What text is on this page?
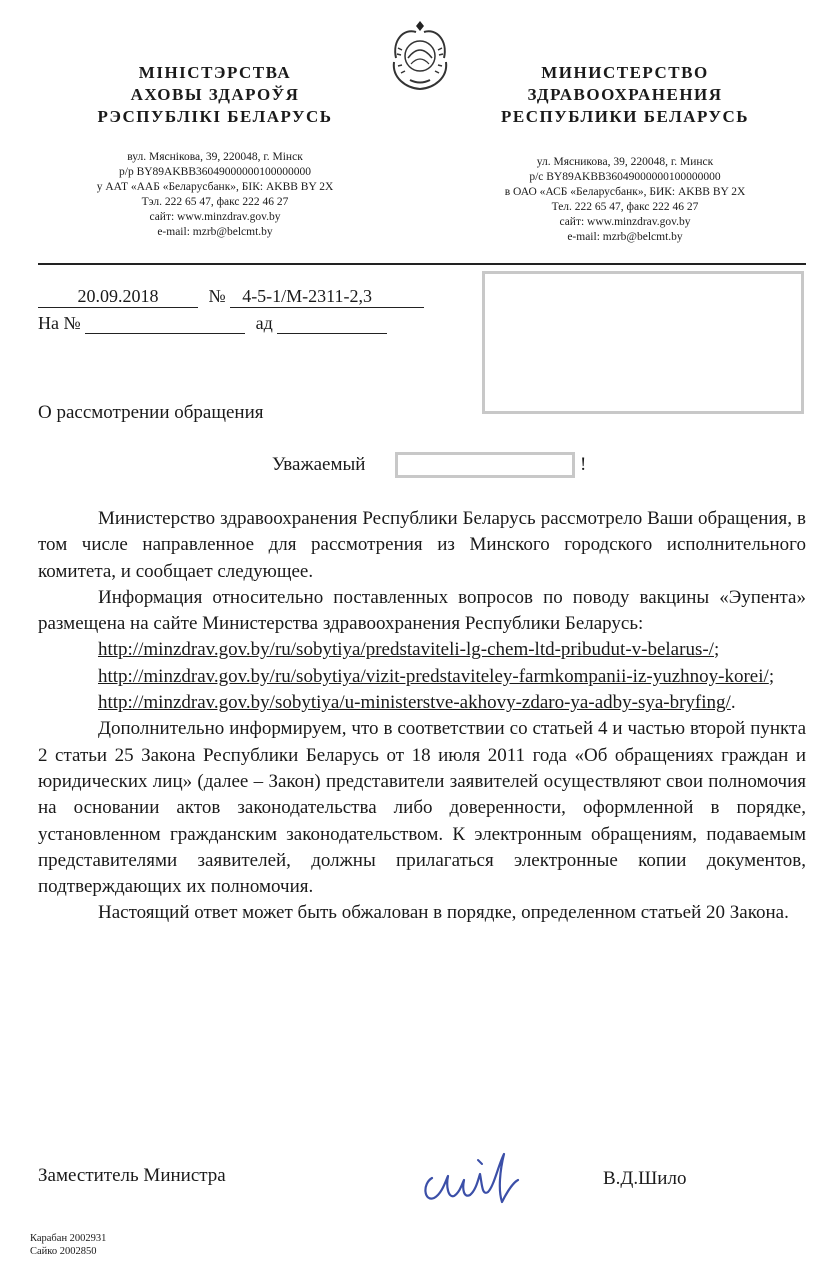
МІНІСТЭРСТВА
АХОВЫ ЗДАРОЎЯ
РЭСПУБЛІКІ БЕЛАРУСЬ
вул. Мяснікова, 39, 220048, г. Мінск
р/р BY89AKBB36049000000100000000
у ААТ «ААБ «Беларусбанк», БІК: AKBB BY 2X
Тэл. 222 65 47, факс 222 46 27
сайт: www.minzdrav.gov.by
e-mail: mzrb@belcmt.by
МИНИСТЕРСТВО
ЗДРАВООХРАНЕНИЯ
РЕСПУБЛИКИ БЕЛАРУСЬ
ул. Мясникова, 39, 220048, г. Минск
р/с BY89AKBB36049000000100000000
в ОАО «АСБ «Беларусбанк», БИК: AKBB BY 2X
Тел. 222 65 47, факс 222 46 27
сайт: www.minzdrav.gov.by
e-mail: mzrb@belcmt.by
20.09.2018	№ 4-5-1/М-2311-2,3
На №	ад
О рассмотрении обращения
Уважаемый	!

Министерство здравоохранения Республики Беларусь рассмотрело Ваши обращения, в том числе направленное для рассмотрения из Минского городского исполнительного комитета, и сообщает следующее.

Информация относительно поставленных вопросов по поводу вакцины «Эупента» размещена на сайте Министерства здравоохранения Республики Беларусь:

http://minzdrav.gov.by/ru/sobytiya/predstaviteli-lg-chem-ltd-pribudut-v-belarus-/;

http://minzdrav.gov.by/ru/sobytiya/vizit-predstaviteley-farmkompanii-iz-yuzhnoy-korei/;

http://minzdrav.gov.by/sobytiya/u-ministerstve-akhovy-zdaro-ya-adby-sya-bryfing/.

Дополнительно информируем, что в соответствии со статьей 4 и частью второй пункта 2 статьи 25 Закона Республики Беларусь от 18 июля 2011 года «Об обращениях граждан и юридических лиц» (далее – Закон) представители заявителей осуществляют свои полномочия на основании актов законодательства либо доверенности, оформленной в порядке, установленном гражданским законодательством. К электронным обращениям, подаваемым представителями заявителей, должны прилагаться электронные копии документов, подтверждающих их полномочия.

Настоящий ответ может быть обжалован в порядке, определенном статьей 20 Закона.

Заместитель Министра	В.Д.Шило
Карабан 2002931
Сайко 2002850
